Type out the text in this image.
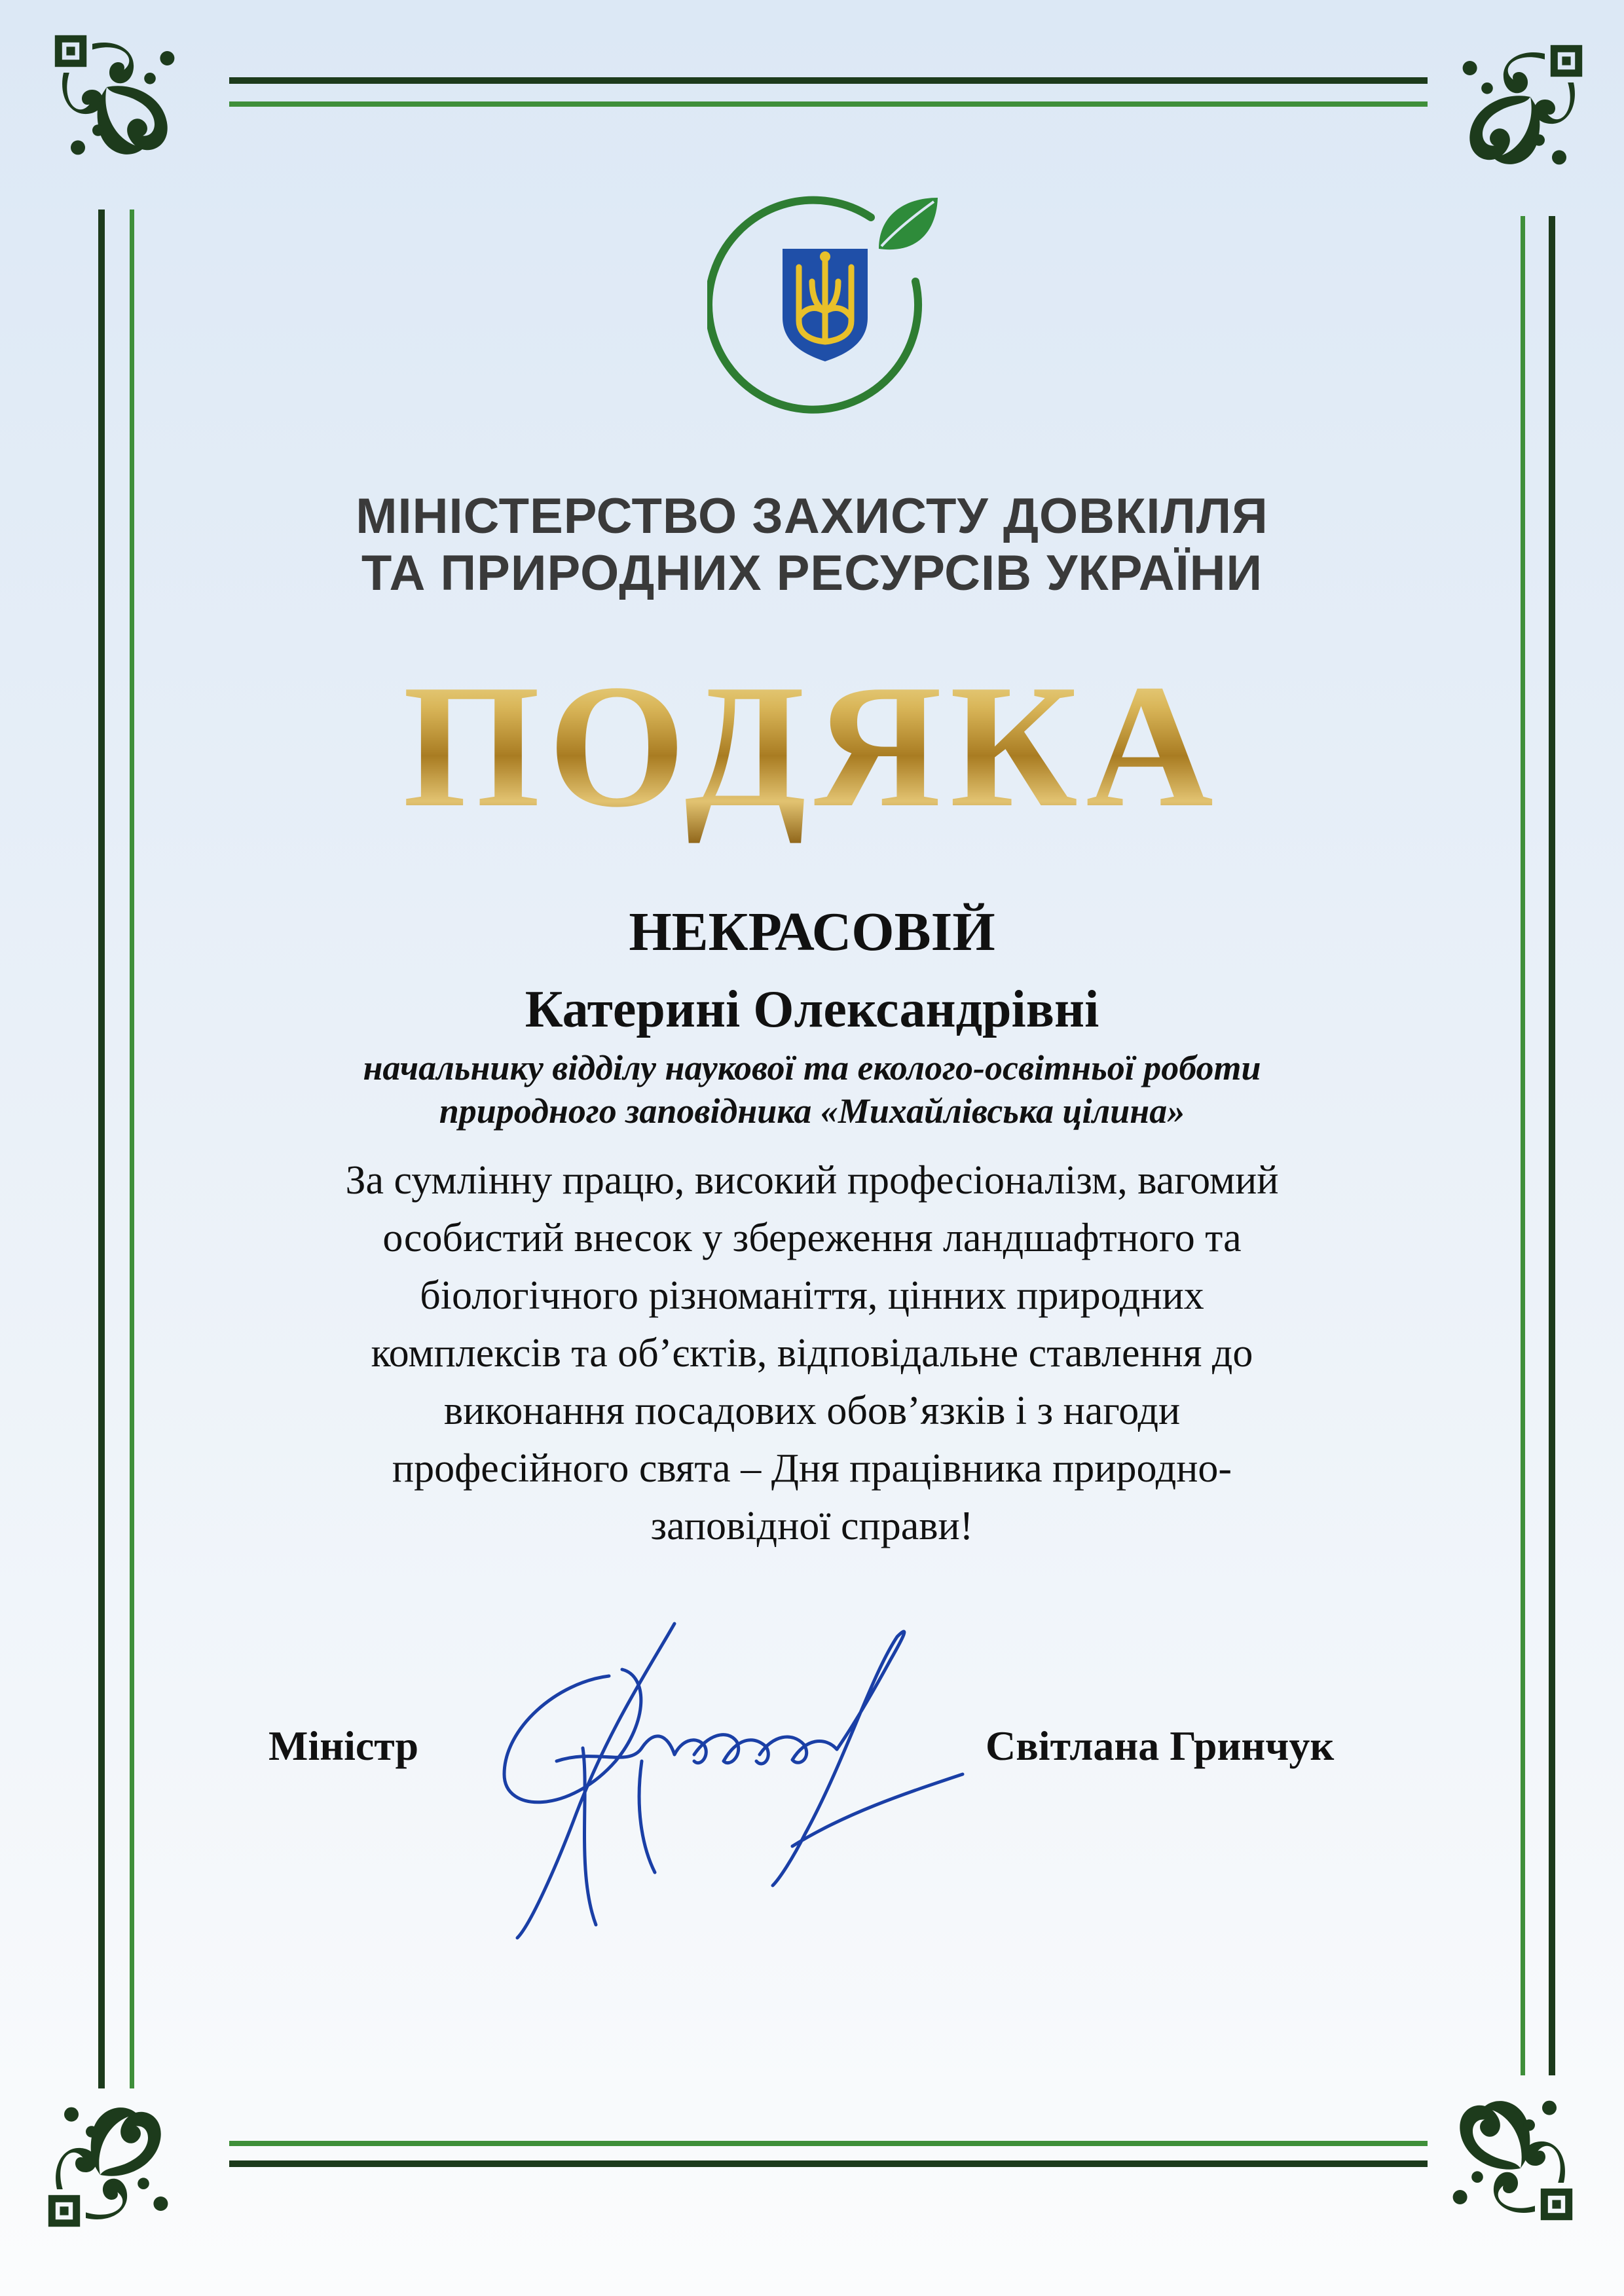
МІНІСТЕРСТВО ЗАХИСТУ ДОВКІЛЛЯ
ТА ПРИРОДНИХ РЕСУРСІВ УКРАЇНИ
ПОДЯКА
НЕКРАСОВІЙ
Катерині Олександрівні
начальнику відділу наукової та еколого-освітньої роботи
природного заповідника «Михайлівська цілина»
За сумлінну працю, високий професіоналізм, вагомий
особистий внесок у збереження ландшафтного та
біологічного різноманіття, цінних природних
комплексів та об’єктів, відповідальне ставлення до
виконання посадових обов’язків і з нагоди
професійного свята – Дня працівника природно-
заповідної справи!
Міністр	Світлана Гринчук
